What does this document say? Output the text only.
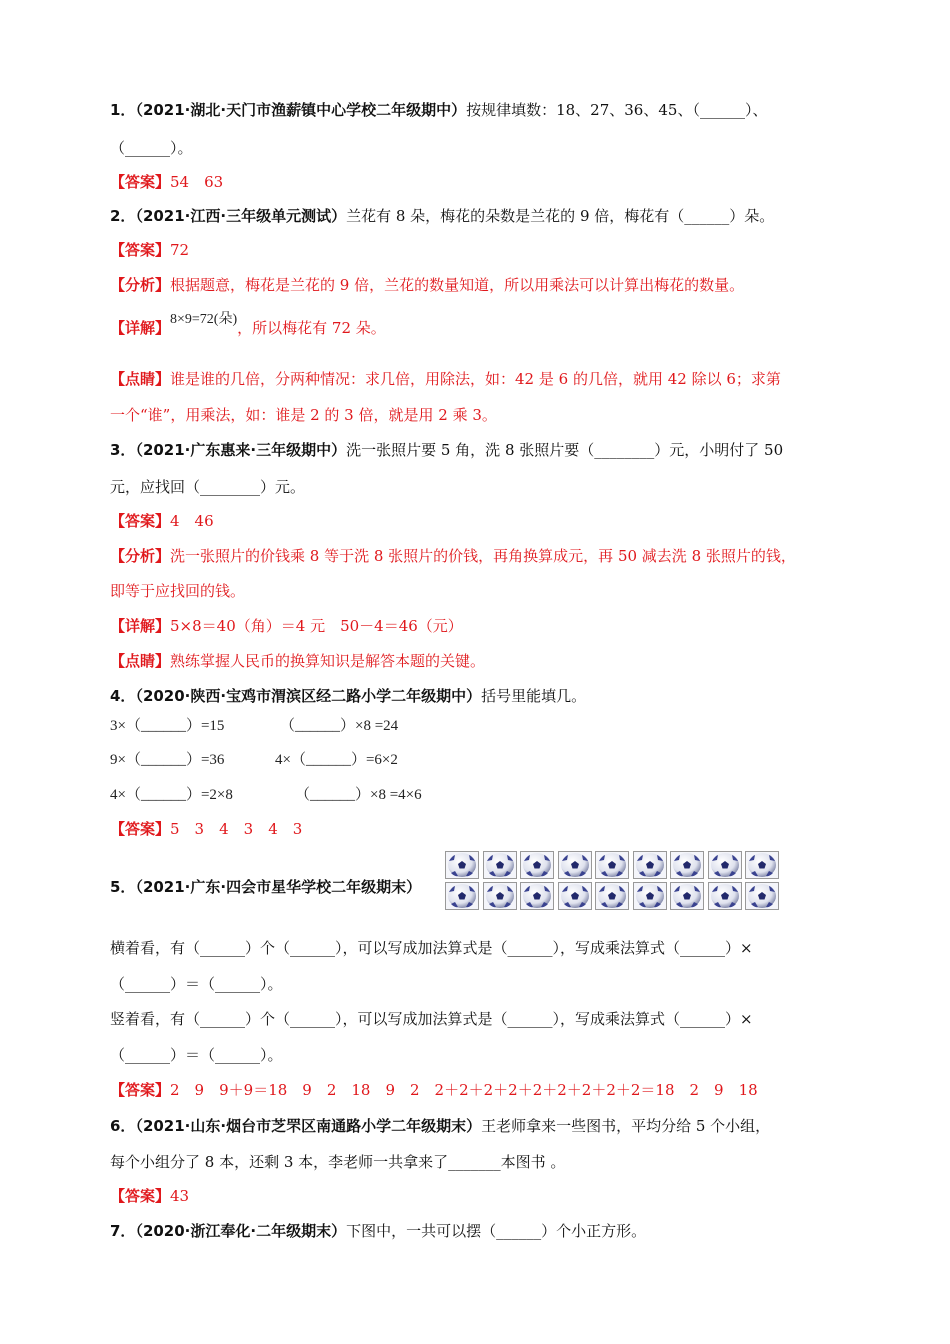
1．（2021·湖北·天门市渔薪镇中心学校二年级期中）按规律填数：18、27、36、45、（______）、
（______）。
【答案】54　63
2．（2021·江西·三年级单元测试）兰花有 8 朵，梅花的朵数是兰花的 9 倍，梅花有（______）朵。
【答案】72
【分析】根据题意，梅花是兰花的 9 倍，兰花的数量知道，所以用乘法可以计算出梅花的数量。
【详解】8×9=72(朵)，所以梅花有 72 朵。
【点睛】谁是谁的几倍，分两种情况：求几倍，用除法，如：42 是 6 的几倍，就用 42 除以 6；求第
一个“谁”，用乘法，如：谁是 2 的 3 倍，就是用 2 乘 3。
3．（2021·广东惠来·三年级期中）洗一张照片要 5 角，洗 8 张照片要（________）元，小明付了 50
元，应找回（________）元。
【答案】4　46
【分析】洗一张照片的价钱乘 8 等于洗 8 张照片的价钱，再角换算成元，再 50 减去洗 8 张照片的钱，
即等于应找回的钱。
【详解】5×8＝40（角）＝4 元　50－4＝46（元）
【点睛】熟练掌握人民币的换算知识是解答本题的关键。
4．（2020·陕西·宝鸡市渭滨区经二路小学二年级期中）括号里能填几。
3×（______）=15	（______）×8 =24
9×（______）=36	4×（______）=6×2
4×（______）=2×8	（______）×8 =4×6
【答案】5　3　4　3　4　3
5．（2021·广东·四会市星华学校二年级期末）
横着看，有（______）个（______），可以写成加法算式是（______），写成乘法算式（______）×
（______）＝（______）。
竖着看，有（______）个（______），可以写成加法算式是（______），写成乘法算式（______）×
（______）＝（______）。
【答案】2　9　9＋9＝18　9　2　18　9　2　2＋2＋2＋2＋2＋2＋2＋2＋2＝18　2　9　18
6．（2021·山东·烟台市芝罘区南通路小学二年级期末）王老师拿来一些图书，平均分给 5 个小组，
每个小组分了 8 本，还剩 3 本，李老师一共拿来了_______本图书 。
【答案】43
7．（2020·浙江奉化·二年级期末）下图中，一共可以摆（______）个小正方形。
